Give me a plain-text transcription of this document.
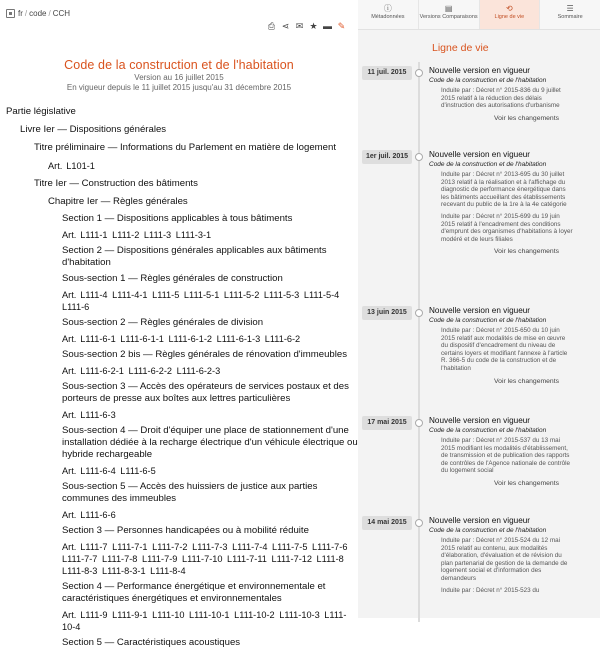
fr / code / CCH
⎙ ⋖ ✉ ★ ▬ ✎
Code de la construction et de l'habitation
Version au 16 juillet 2015
En vigueur depuis le 11 juillet 2015 jusqu'au 31 décembre 2015
Partie législative
Livre Ier — Dispositions générales
Titre préliminaire — Informations du Parlement en matière de logement
Art. L101-1
Titre Ier — Construction des bâtiments
Chapitre Ier — Règles générales
Section 1 — Dispositions applicables à tous bâtiments
Art. L111-1 L111-2 L111-3 L111-3-1
Section 2 — Dispositions générales applicables aux bâtiments d'habitation
Sous-section 1 — Règles générales de construction
Art. L111-4 L111-4-1 L111-5 L111-5-1 L111-5-2 L111-5-3 L111-5-4 L111-6
Sous-section 2 — Règles générales de division
Art. L111-6-1 L111-6-1-1 L111-6-1-2 L111-6-1-3 L111-6-2
Sous-section 2 bis — Règles générales de rénovation d'immeubles
Art. L111-6-2-1 L111-6-2-2 L111-6-2-3
Sous-section 3 — Accès des opérateurs de services postaux et des porteurs de presse aux boîtes aux lettres particulières
Art. L111-6-3
Sous-section 4 — Droit d'équiper une place de stationnement d'une installation dédiée à la recharge électrique d'un véhicule électrique ou hybride rechargeable
Art. L111-6-4 L111-6-5
Sous-section 5 — Accès des huissiers de justice aux parties communes des immeubles
Art. L111-6-6
Section 3 — Personnes handicapées ou à mobilité réduite
Art. L111-7 L111-7-1 L111-7-2 L111-7-3 L111-7-4 L111-7-5 L111-7-6 L111-7-7 L111-7-8 L111-7-9 L111-7-10 L111-7-11 L111-7-12 L111-8 L111-8-3 L111-8-3-1 L111-8-4
Section 4 — Performance énergétique et environnementale et caractéristiques énergétiques et environnementales
Art. L111-9 L111-9-1 L111-10 L111-10-1 L111-10-2 L111-10-3 L111-10-4
Section 5 — Caractéristiques acoustiques
ⓘ
Métadonnées
▤
Versions Comparaisons
⟲
Ligne de vie
☰
Sommaire
Ligne de vie
11 juil. 2015	Nouvelle version en vigueur
Code de la construction et de l'habitation

Induite par : Décret n° 2015-836 du 9 juillet 2015 relatif à la réduction des délais d'instruction des autorisations d'urbanisme

Voir les changements
1er juil. 2015	Nouvelle version en vigueur
Code de la construction et de l'habitation

Induite par : Décret n° 2013-695 du 30 juillet 2013 relatif à la réalisation et à l'affichage du diagnostic de performance énergétique dans les bâtiments accueillant des établissements recevant du public de la 1re à la 4e catégorie

Induite par : Décret n° 2015-699 du 19 juin 2015 relatif à l'encadrement des conditions d'emprunt des organismes d'habitations à loyer modéré et de leurs filiales

Voir les changements
13 juin 2015	Nouvelle version en vigueur
Code de la construction et de l'habitation

Induite par : Décret n° 2015-650 du 10 juin 2015 relatif aux modalités de mise en œuvre du dispositif d'encadrement du niveau de certains loyers et modifiant l'annexe à l'article R. 366-5 du code de la construction et de l'habitation

Voir les changements
17 mai 2015	Nouvelle version en vigueur
Code de la construction et de l'habitation

Induite par : Décret n° 2015-537 du 13 mai 2015 modifiant les modalités d'établissement, de transmission et de publication des rapports de contrôles de l'Agence nationale de contrôle du logement social

Voir les changements
14 mai 2015	Nouvelle version en vigueur
Code de la construction et de l'habitation

Induite par : Décret n° 2015-524 du 12 mai 2015 relatif au contenu, aux modalités d'élaboration, d'évaluation et de révision du plan partenarial de gestion de la demande de logement social et d'information des demandeurs

Induite par : Décret n° 2015-523 du
